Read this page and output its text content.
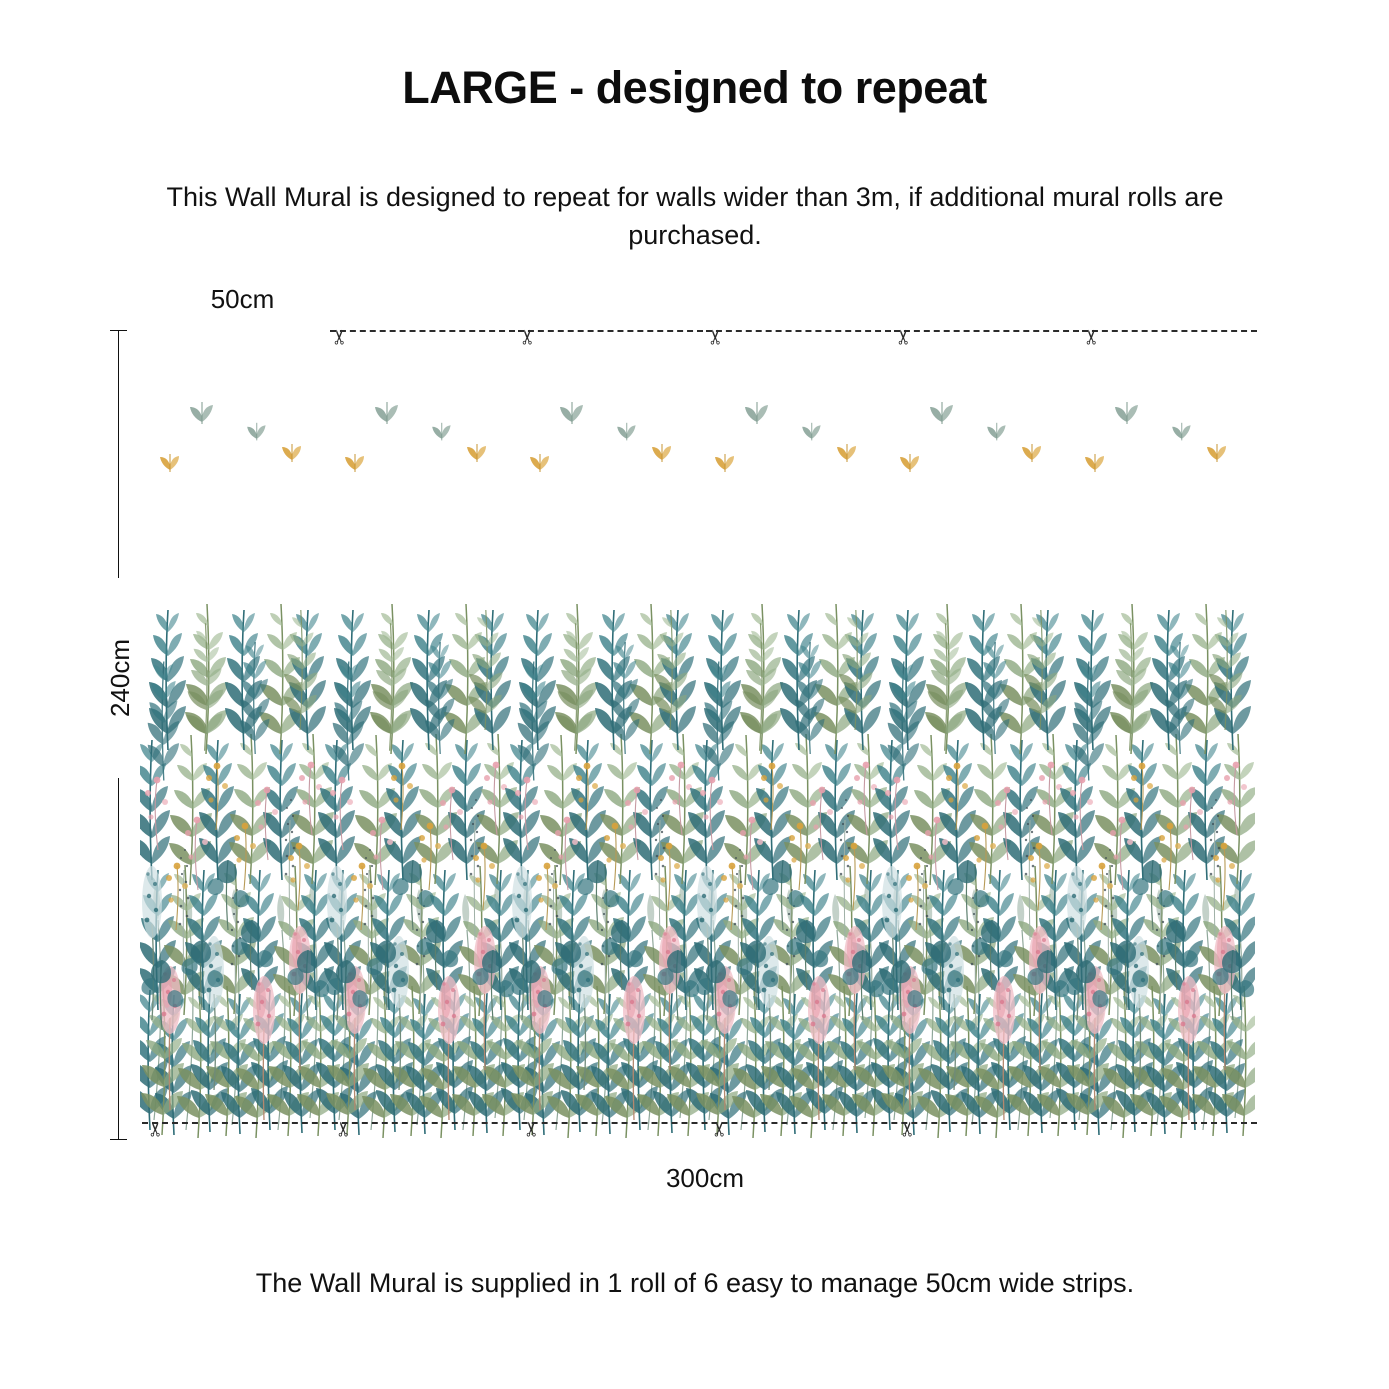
LARGE - designed to repeat
This Wall Mural is designed to repeat for walls wider than 3m, if additional mural rolls are purchased.
50cm
240cm
✂	✂	✂	✂	✂
✂	✂	✂	✂	✂
300cm
The Wall Mural is supplied in 1 roll of 6 easy to manage 50cm wide strips.
